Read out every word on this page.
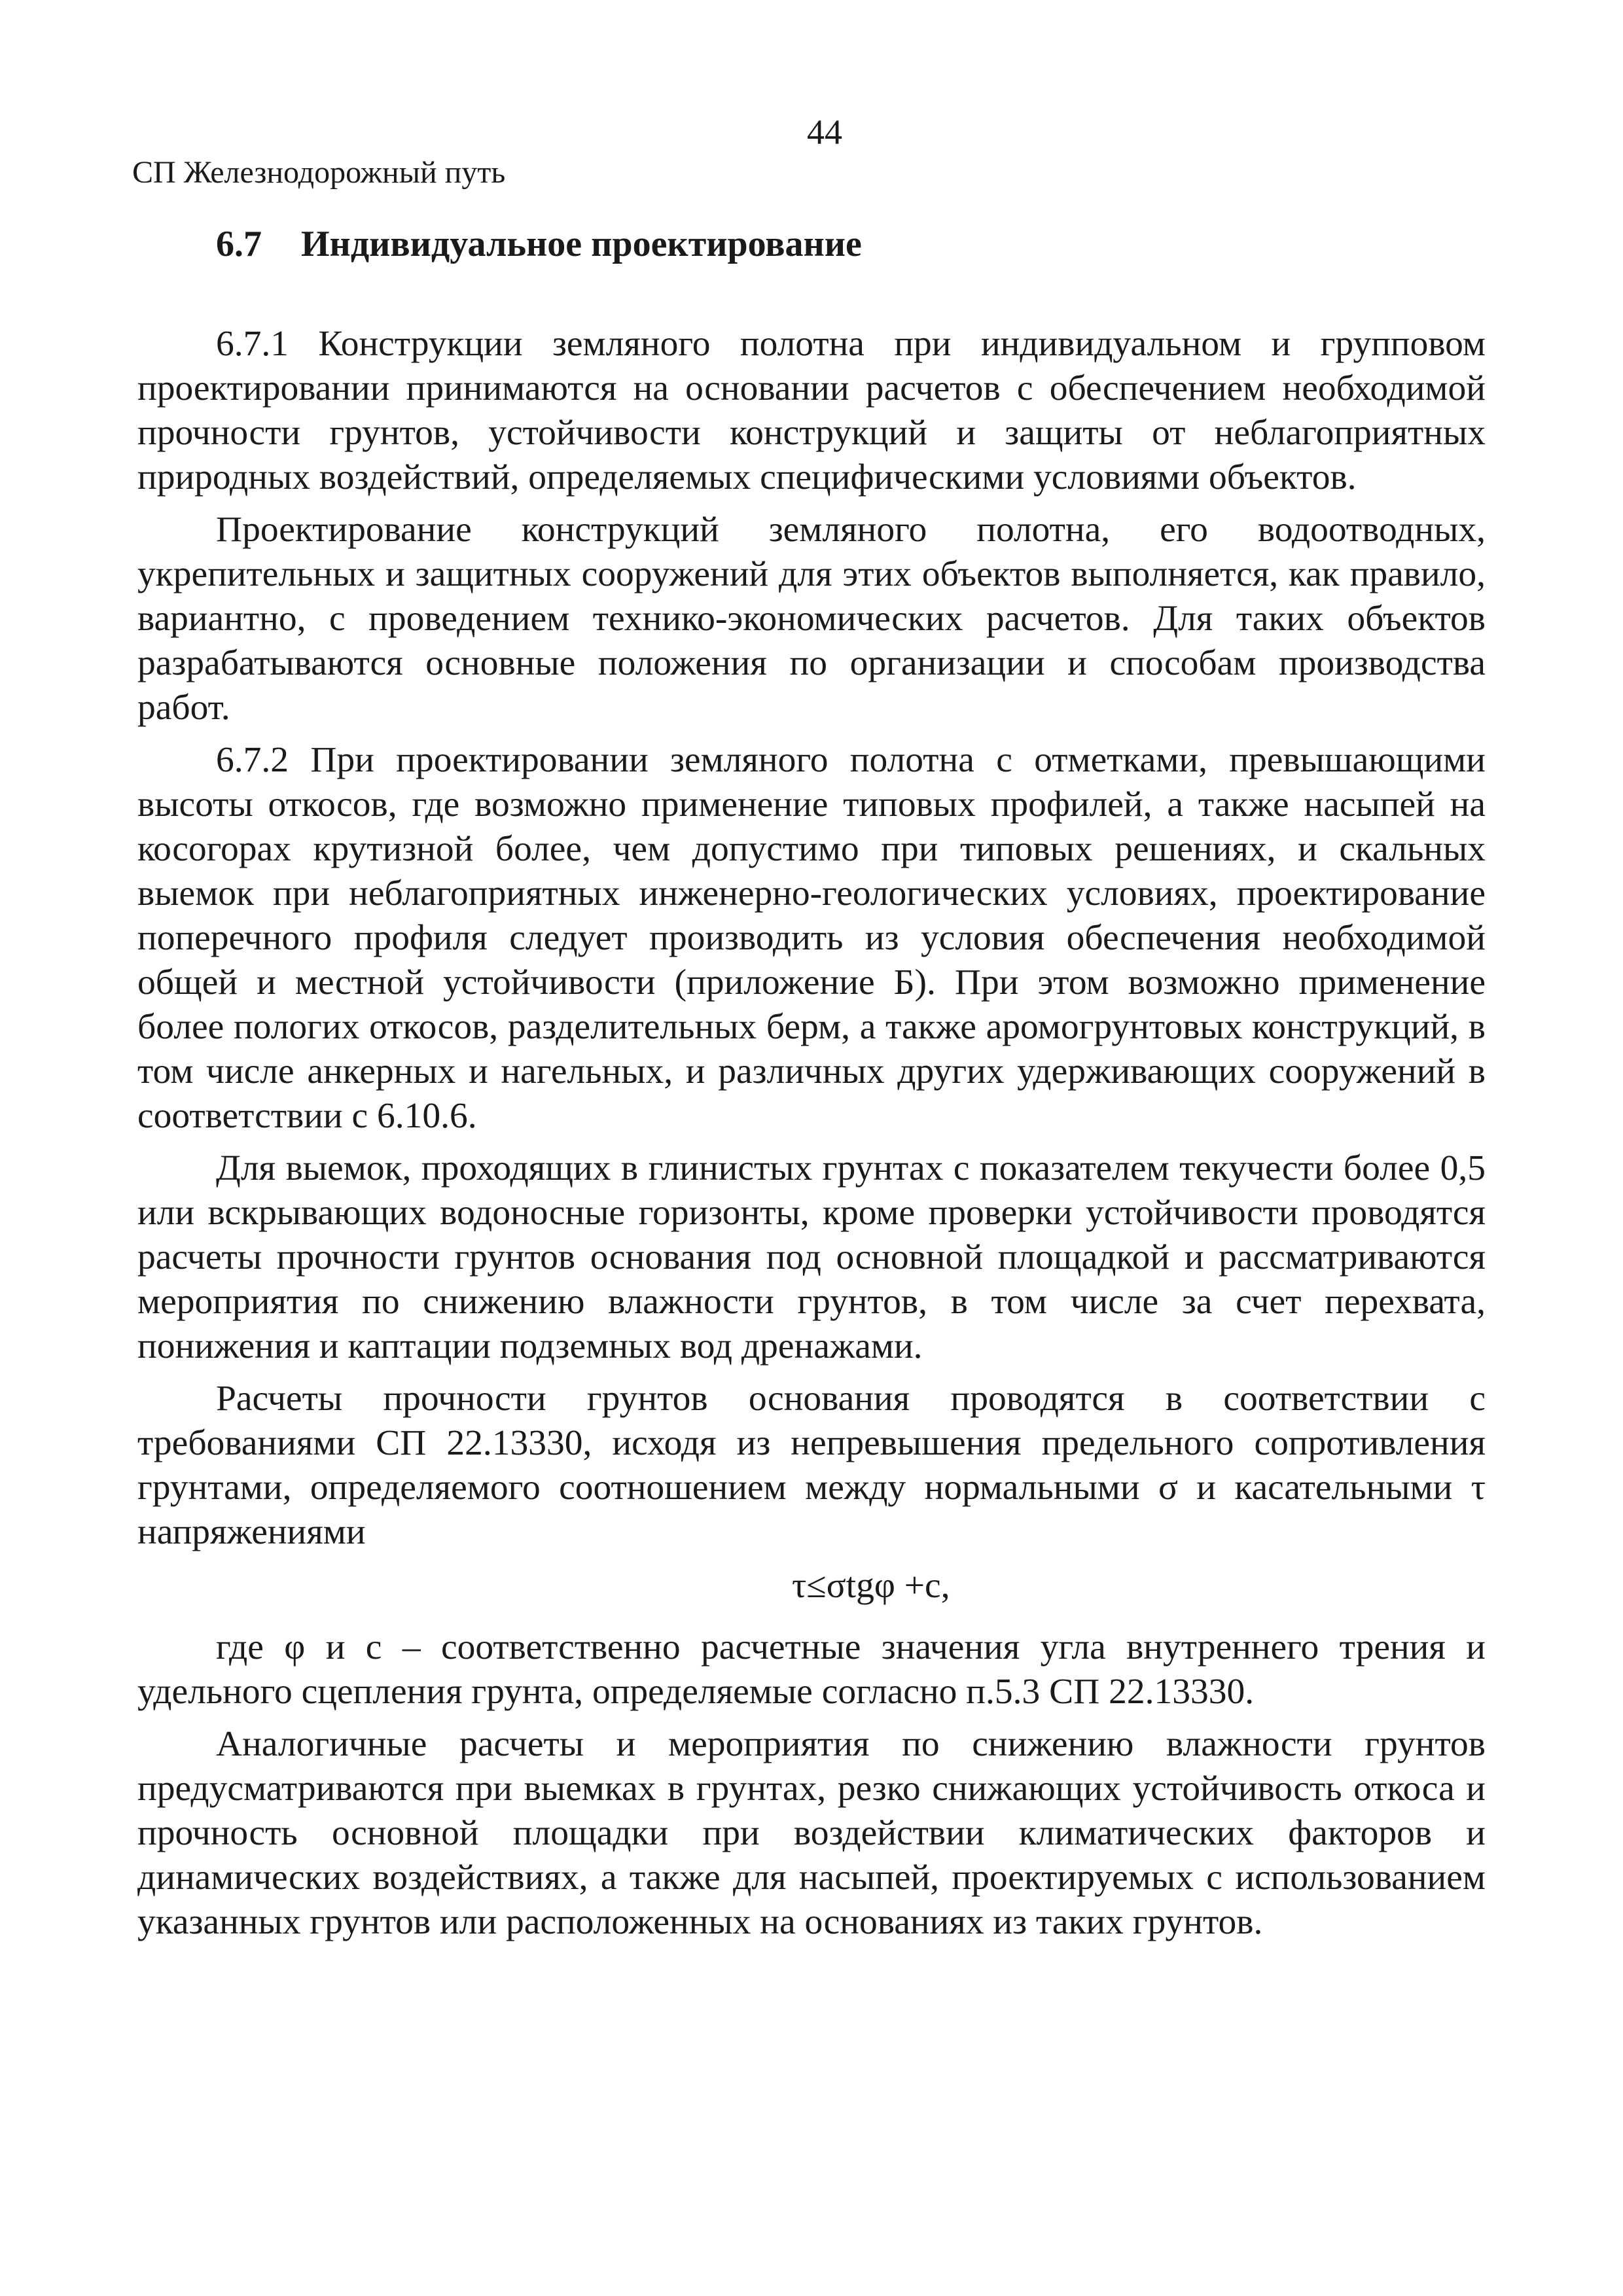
44
СП Железнодорожный путь
6.7 Индивидуальное проектирование

6.7.1 Конструкции земляного полотна при индивидуальном и групповом проектировании принимаются на основании расчетов с обеспечением необходимой прочности грунтов, устойчивости конструкций и защиты от неблагоприятных природных воздействий, определяемых специфическими условиями объектов.

Проектирование конструкций земляного полотна, его водоотводных, укрепительных и защитных сооружений для этих объектов выполняется, как правило, вариантно, с проведением технико-экономических расчетов. Для таких объектов разрабатываются основные положения по организации и способам производства работ.

6.7.2 При проектировании земляного полотна с отметками, превышающими высоты откосов, где возможно применение типовых профилей, а также насыпей на косогорах крутизной более, чем допустимо при типовых решениях, и скальных выемок при неблагоприятных инженерно-геологических условиях, проектирование поперечного профиля следует производить из условия обеспечения необходимой общей и местной устойчивости (приложение Б). При этом возможно применение более пологих откосов, разделительных берм, а также аромогрунтовых конструкций, в том числе анкерных и нагельных, и различных других удерживающих сооружений в соответствии с 6.10.6.

Для выемок, проходящих в глинистых грунтах с показателем текучести более 0,5 или вскрывающих водоносные горизонты, кроме проверки устойчивости проводятся расчеты прочности грунтов основания под основной площадкой и рассматриваются мероприятия по снижению влажности грунтов, в том числе за счет перехвата, понижения и каптации подземных вод дренажами.

Расчеты прочности грунтов основания проводятся в соответствии с требованиями СП 22.13330, исходя из непревышения предельного сопротивления грунтами, определяемого соотношением между нормальными σ и касательными τ напряжениями

τ≤σtgφ +c,

где φ и c – соответственно расчетные значения угла внутреннего трения и удельного сцепления грунта, определяемые согласно п.5.3 СП 22.13330.

Аналогичные расчеты и мероприятия по снижению влажности грунтов предусматриваются при выемках в грунтах, резко снижающих устойчивость откоса и прочность основной площадки при воздействии климатических факторов и динамических воздействиях, а также для насыпей, проектируемых с использованием указанных грунтов или расположенных на основаниях из таких грунтов.
